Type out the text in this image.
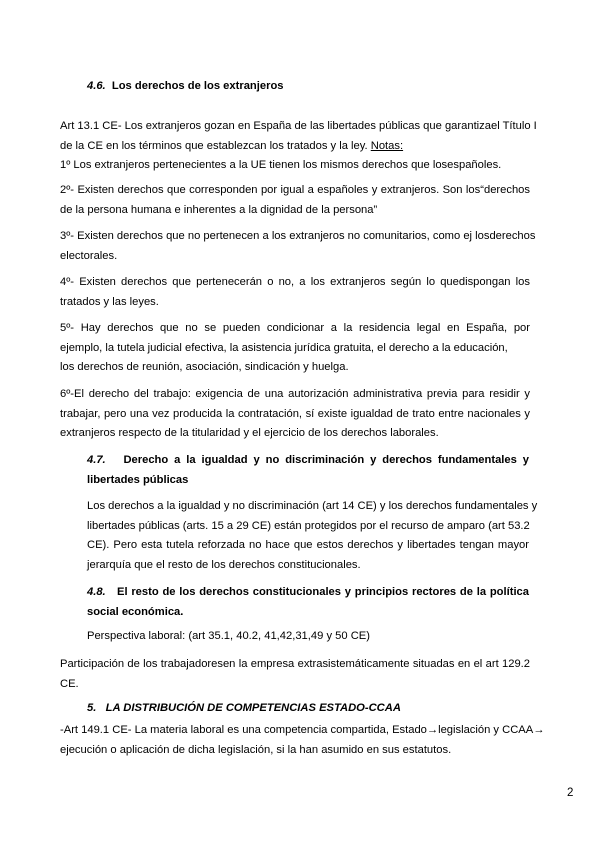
4.6. Los derechos de los extranjeros
Art 13.1 CE- Los extranjeros gozan en España de las libertades públicas que garantizael Título I
de la CE en los términos que establezcan los tratados y la ley. Notas:
1º Los extranjeros pertenecientes a la UE tienen los mismos derechos que losespañoles.
2º- Existen derechos que corresponden por igual a españoles y extranjeros. Son los“derechos
de la persona humana e inherentes a la dignidad de la persona”
3º- Existen derechos que no pertenecen a los extranjeros no comunitarios, como ej losderechos
electorales.
4º- Existen derechos que pertenecerán o no, a los extranjeros según lo quedispongan los
tratados y las leyes.
5º- Hay derechos que no se pueden condicionar a la residencia legal en España, por
ejemplo, la tutela judicial efectiva, la asistencia jurídica gratuita, el derecho a la educación,
los derechos de reunión, asociación, sindicación y huelga.
6º-El derecho del trabajo: exigencia de una autorización administrativa previa para residir y
trabajar, pero una vez producida la contratación, sí existe igualdad de trato entre nacionales y
extranjeros respecto de la titularidad y el ejercicio de los derechos laborales.
4.7. Derecho a la igualdad y no discriminación y derechos fundamentales y
libertades públicas
Los derechos a la igualdad y no discriminación (art 14 CE) y los derechos fundamentales y
libertades públicas (arts. 15 a 29 CE) están protegidos por el recurso de amparo (art 53.2
CE). Pero esta tutela reforzada no hace que estos derechos y libertades tengan mayor
jerarquía que el resto de los derechos constitucionales.
4.8. El resto de los derechos constitucionales y principios rectores de la política
social económica.
Perspectiva laboral: (art 35.1, 40.2, 41,42,31,49 y 50 CE)
Participación de los trabajadoresen la empresa extrasistemáticamente situadas en el art 129.2
CE.
5. LA DISTRIBUCIÓN DE COMPETENCIAS ESTADO-CCAA
-Art 149.1 CE- La materia laboral es una competencia compartida, Estado→legislación y CCAA→
ejecución o aplicación de dicha legislación, si la han asumido en sus estatutos.
2
